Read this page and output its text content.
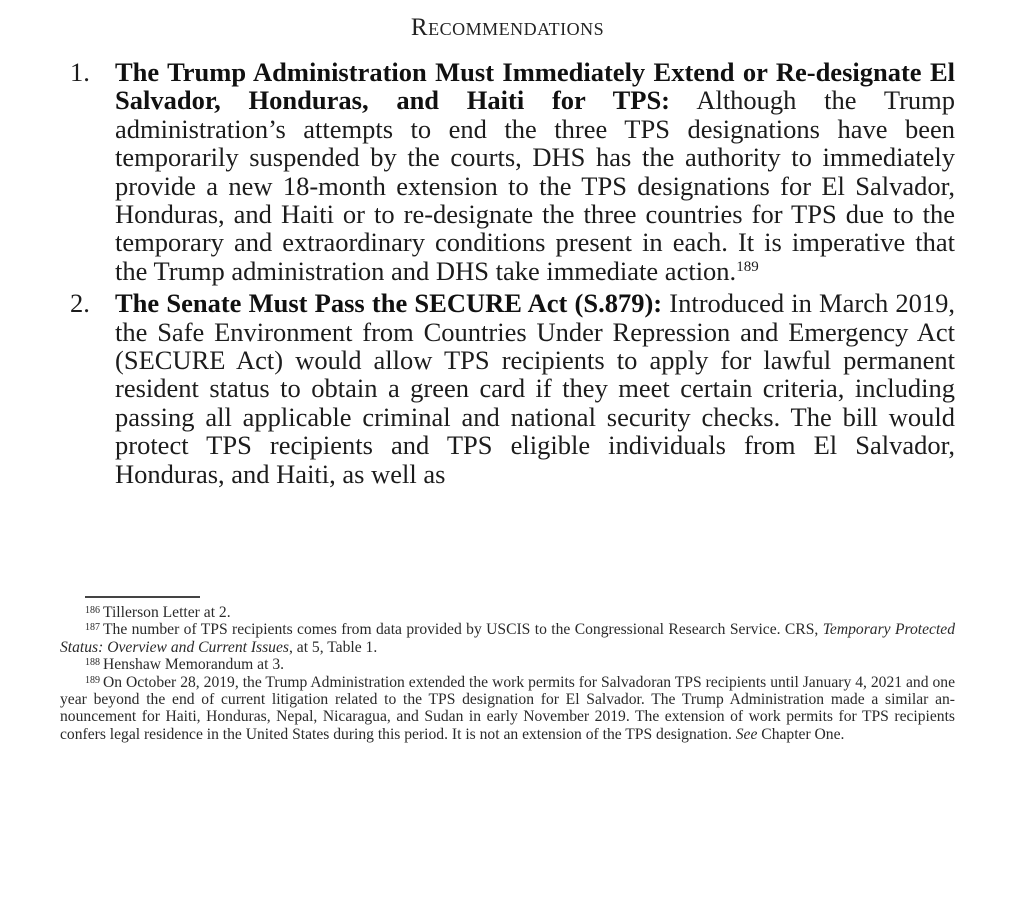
Recommendations
1. The Trump Administration Must Immediately Extend or Re-designate El Salvador, Honduras, and Haiti for TPS: Although the Trump administration’s attempts to end the three TPS designations have been temporarily suspended by the courts, DHS has the authority to immediately provide a new 18-month extension to the TPS designations for El Salvador, Honduras, and Haiti or to re-designate the three countries for TPS due to the temporary and extraordinary conditions present in each. It is imperative that the Trump administration and DHS take immediate action.$^{189}$
2. The Senate Must Pass the SECURE Act (S.879): Introduced in March 2019, the Safe Environment from Countries Under Repression and Emergency Act (SECURE Act) would allow TPS recipients to apply for lawful permanent resident status to obtain a green card if they meet certain criteria, including passing all applicable criminal and national security checks. The bill would protect TPS recipients and TPS eligible individuals from El Salvador, Honduras, and Haiti, as well as

$^{186}$ Tillerson Letter at 2.

$^{187}$ The number of TPS recipients comes from data provided by USCIS to the Congressional Research Service. CRS, Temporary Protected Status: Overview and Current Issues, at 5, Table 1.

$^{188}$ Henshaw Memorandum at 3.

$^{189}$ On October 28, 2019, the Trump Administration extended the work permits for Salvadoran TPS recipients until January 4, 2021 and one year beyond the end of current litigation related to the TPS designation for El Salvador. The Trump Administration made a similar announcement for Haiti, Honduras, Nepal, Nicaragua, and Sudan in early November 2019. The extension of work permits for TPS recipients confers legal residence in the United States during this period. It is not an extension of the TPS designation. See Chapter One.
